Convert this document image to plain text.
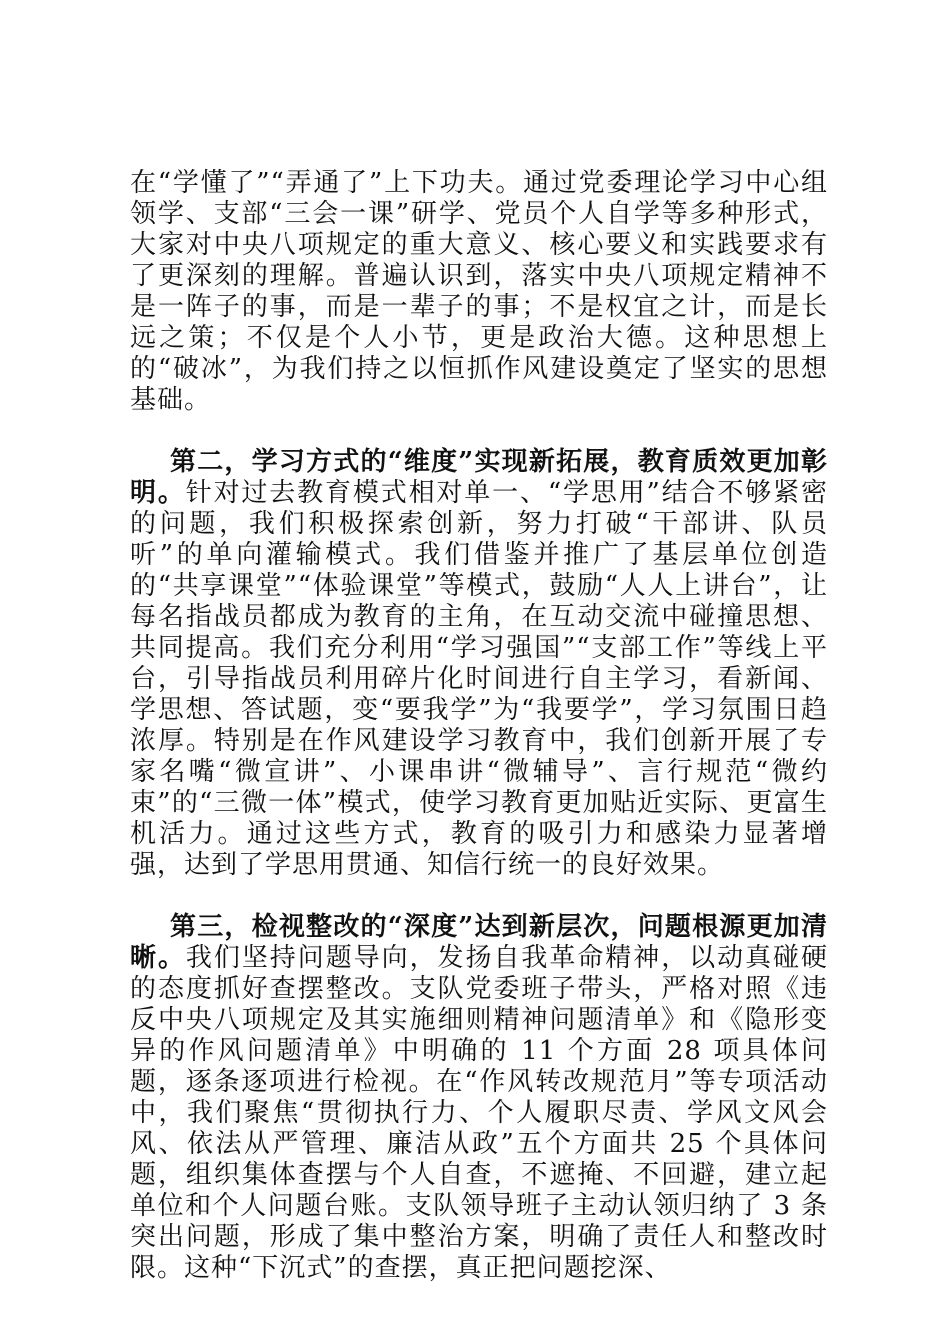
在“学懂了”“弄通了”上下功夫。通过党委理论学习中心组领学、支部“三会一课”研学、党员个人自学等多种形式，大家对中央八项规定的重大意义、核心要义和实践要求有了更深刻的理解。普遍认识到，落实中央八项规定精神不是一阵子的事，而是一辈子的事；不是权宜之计，而是长远之策；不仅是个人小节，更是政治大德。这种思想上的“破冰”，为我们持之以恒抓作风建设奠定了坚实的思想基础。

第二，学习方式的“维度”实现新拓展，教育质效更加彰明。针对过去教育模式相对单一、“学思用”结合不够紧密的问题，我们积极探索创新，努力打破“干部讲、队员听”的单向灌输模式。我们借鉴并推广了基层单位创造的“共享课堂”“体验课堂”等模式，鼓励“人人上讲台”，让每名指战员都成为教育的主角，在互动交流中碰撞思想、共同提高。我们充分利用“学习强国”“支部工作”等线上平台，引导指战员利用碎片化时间进行自主学习，看新闻、学思想、答试题，变“要我学”为“我要学”，学习氛围日趋浓厚。特别是在作风建设学习教育中，我们创新开展了专家名嘴“微宣讲”、小课串讲“微辅导”、言行规范“微约束”的“三微一体”模式，使学习教育更加贴近实际、更富生机活力。通过这些方式，教育的吸引力和感染力显著增强，达到了学思用贯通、知信行统一的良好效果。

第三，检视整改的“深度”达到新层次，问题根源更加清晰。我们坚持问题导向，发扬自我革命精神，以动真碰硬的态度抓好查摆整改。支队党委班子带头，严格对照《违反中央八项规定及其实施细则精神问题清单》和《隐形变异的作风问题清单》中明确的 11 个方面 28 项具体问题，逐条逐项进行检视。在“作风转改规范月”等专项活动中，我们聚焦“贯彻执行力、个人履职尽责、学风文风会风、依法从严管理、廉洁从政”五个方面共 25 个具体问题，组织集体查摆与个人自查，不遮掩、不回避，建立起单位和个人问题台账。支队领导班子主动认领归纳了 3 条突出问题，形成了集中整治方案，明确了责任人和整改时限。这种“下沉式”的查摆，真正把问题挖深、
